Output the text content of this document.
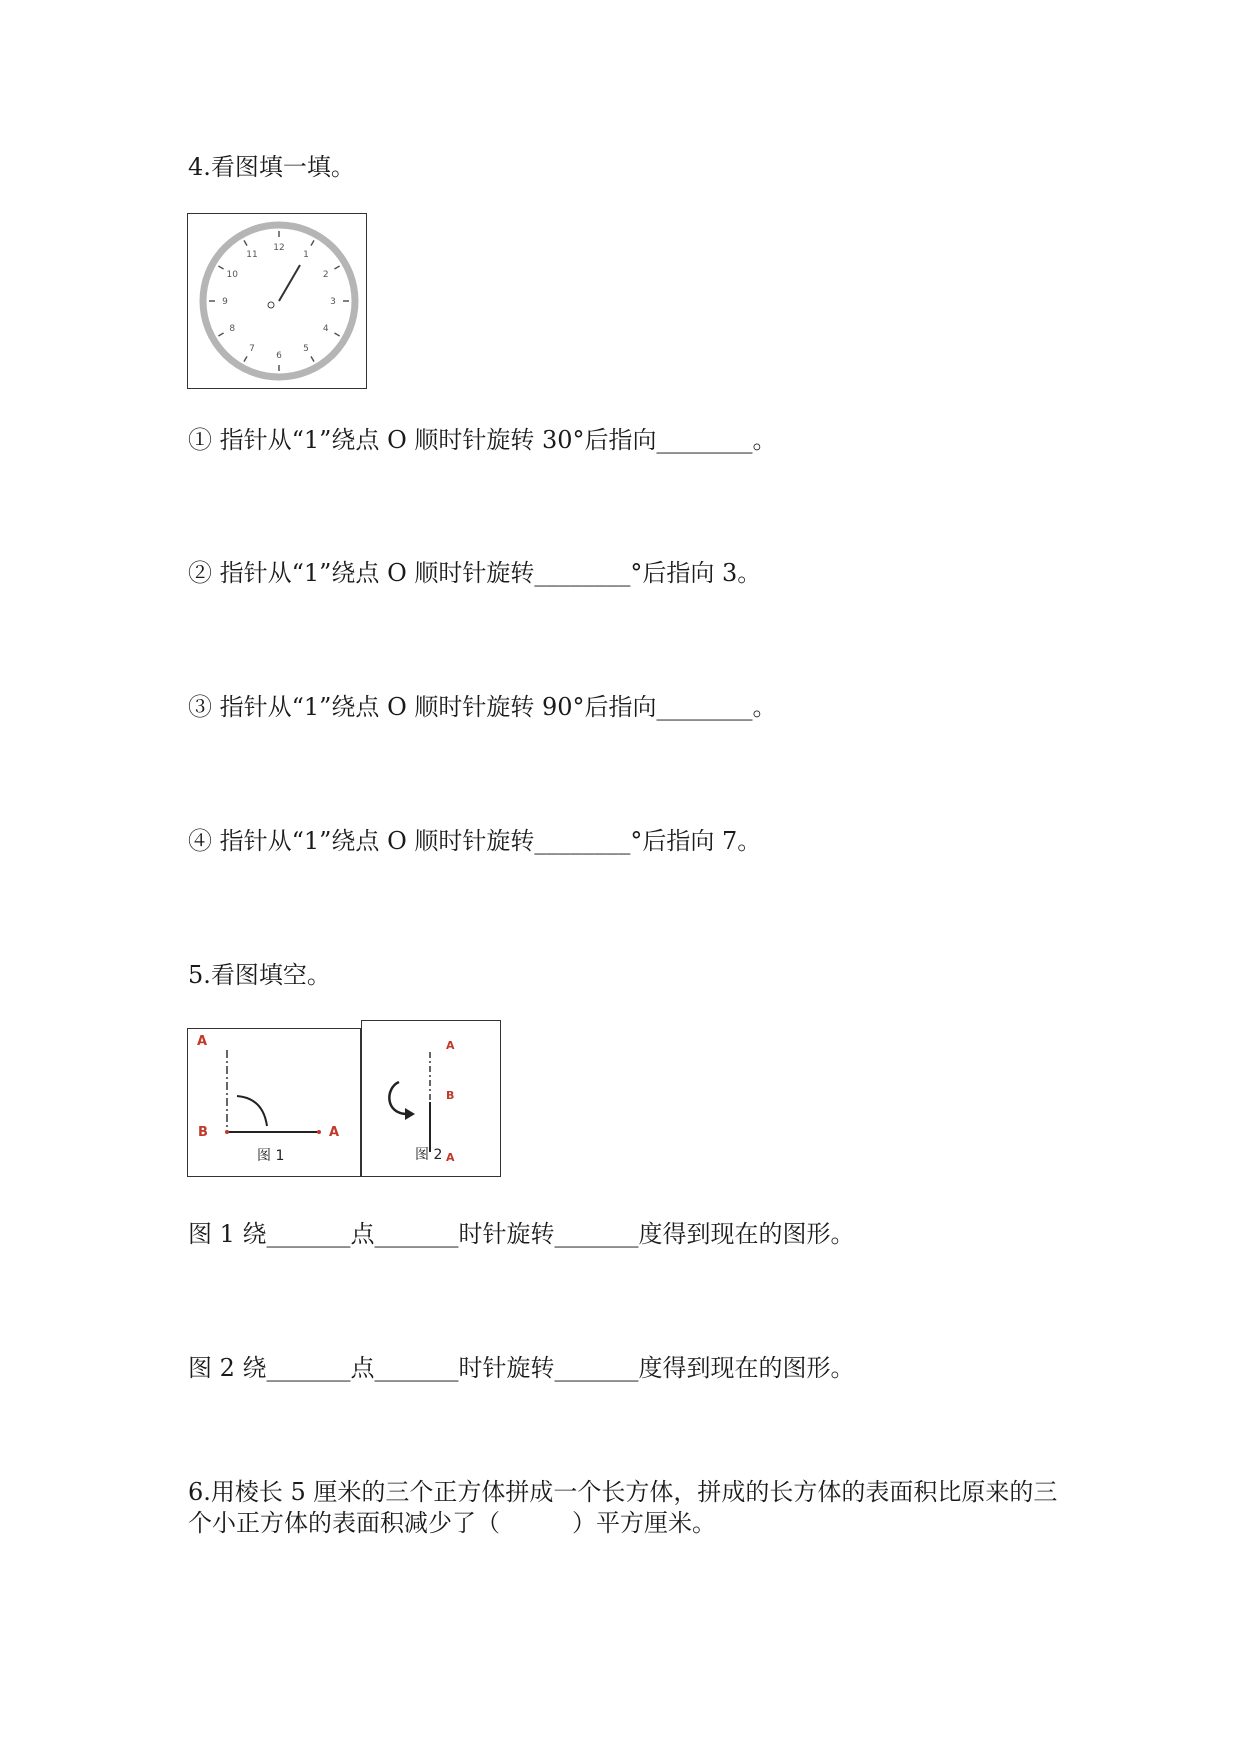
4.看图填一填。
12
1
2
3
4
5
6
7
8
9
10
11
① 指针从“1”绕点 O 顺时针旋转 30°后指向________。
② 指针从“1”绕点 O 顺时针旋转________°后指向 3。
③ 指针从“1”绕点 O 顺时针旋转 90°后指向________。
④ 指针从“1”绕点 O 顺时针旋转________°后指向 7。
5.看图填空。
A
B	A
图 1
A
B
A
图 2
图 1 绕_______点_______时针旋转_______度得到现在的图形。
图 2 绕_______点_______时针旋转_______度得到现在的图形。
6.用棱长 5 厘米的三个正方体拼成一个长方体，拼成的长方体的表面积比原来的三个小正方体的表面积减少了（　　　）平方厘米。
